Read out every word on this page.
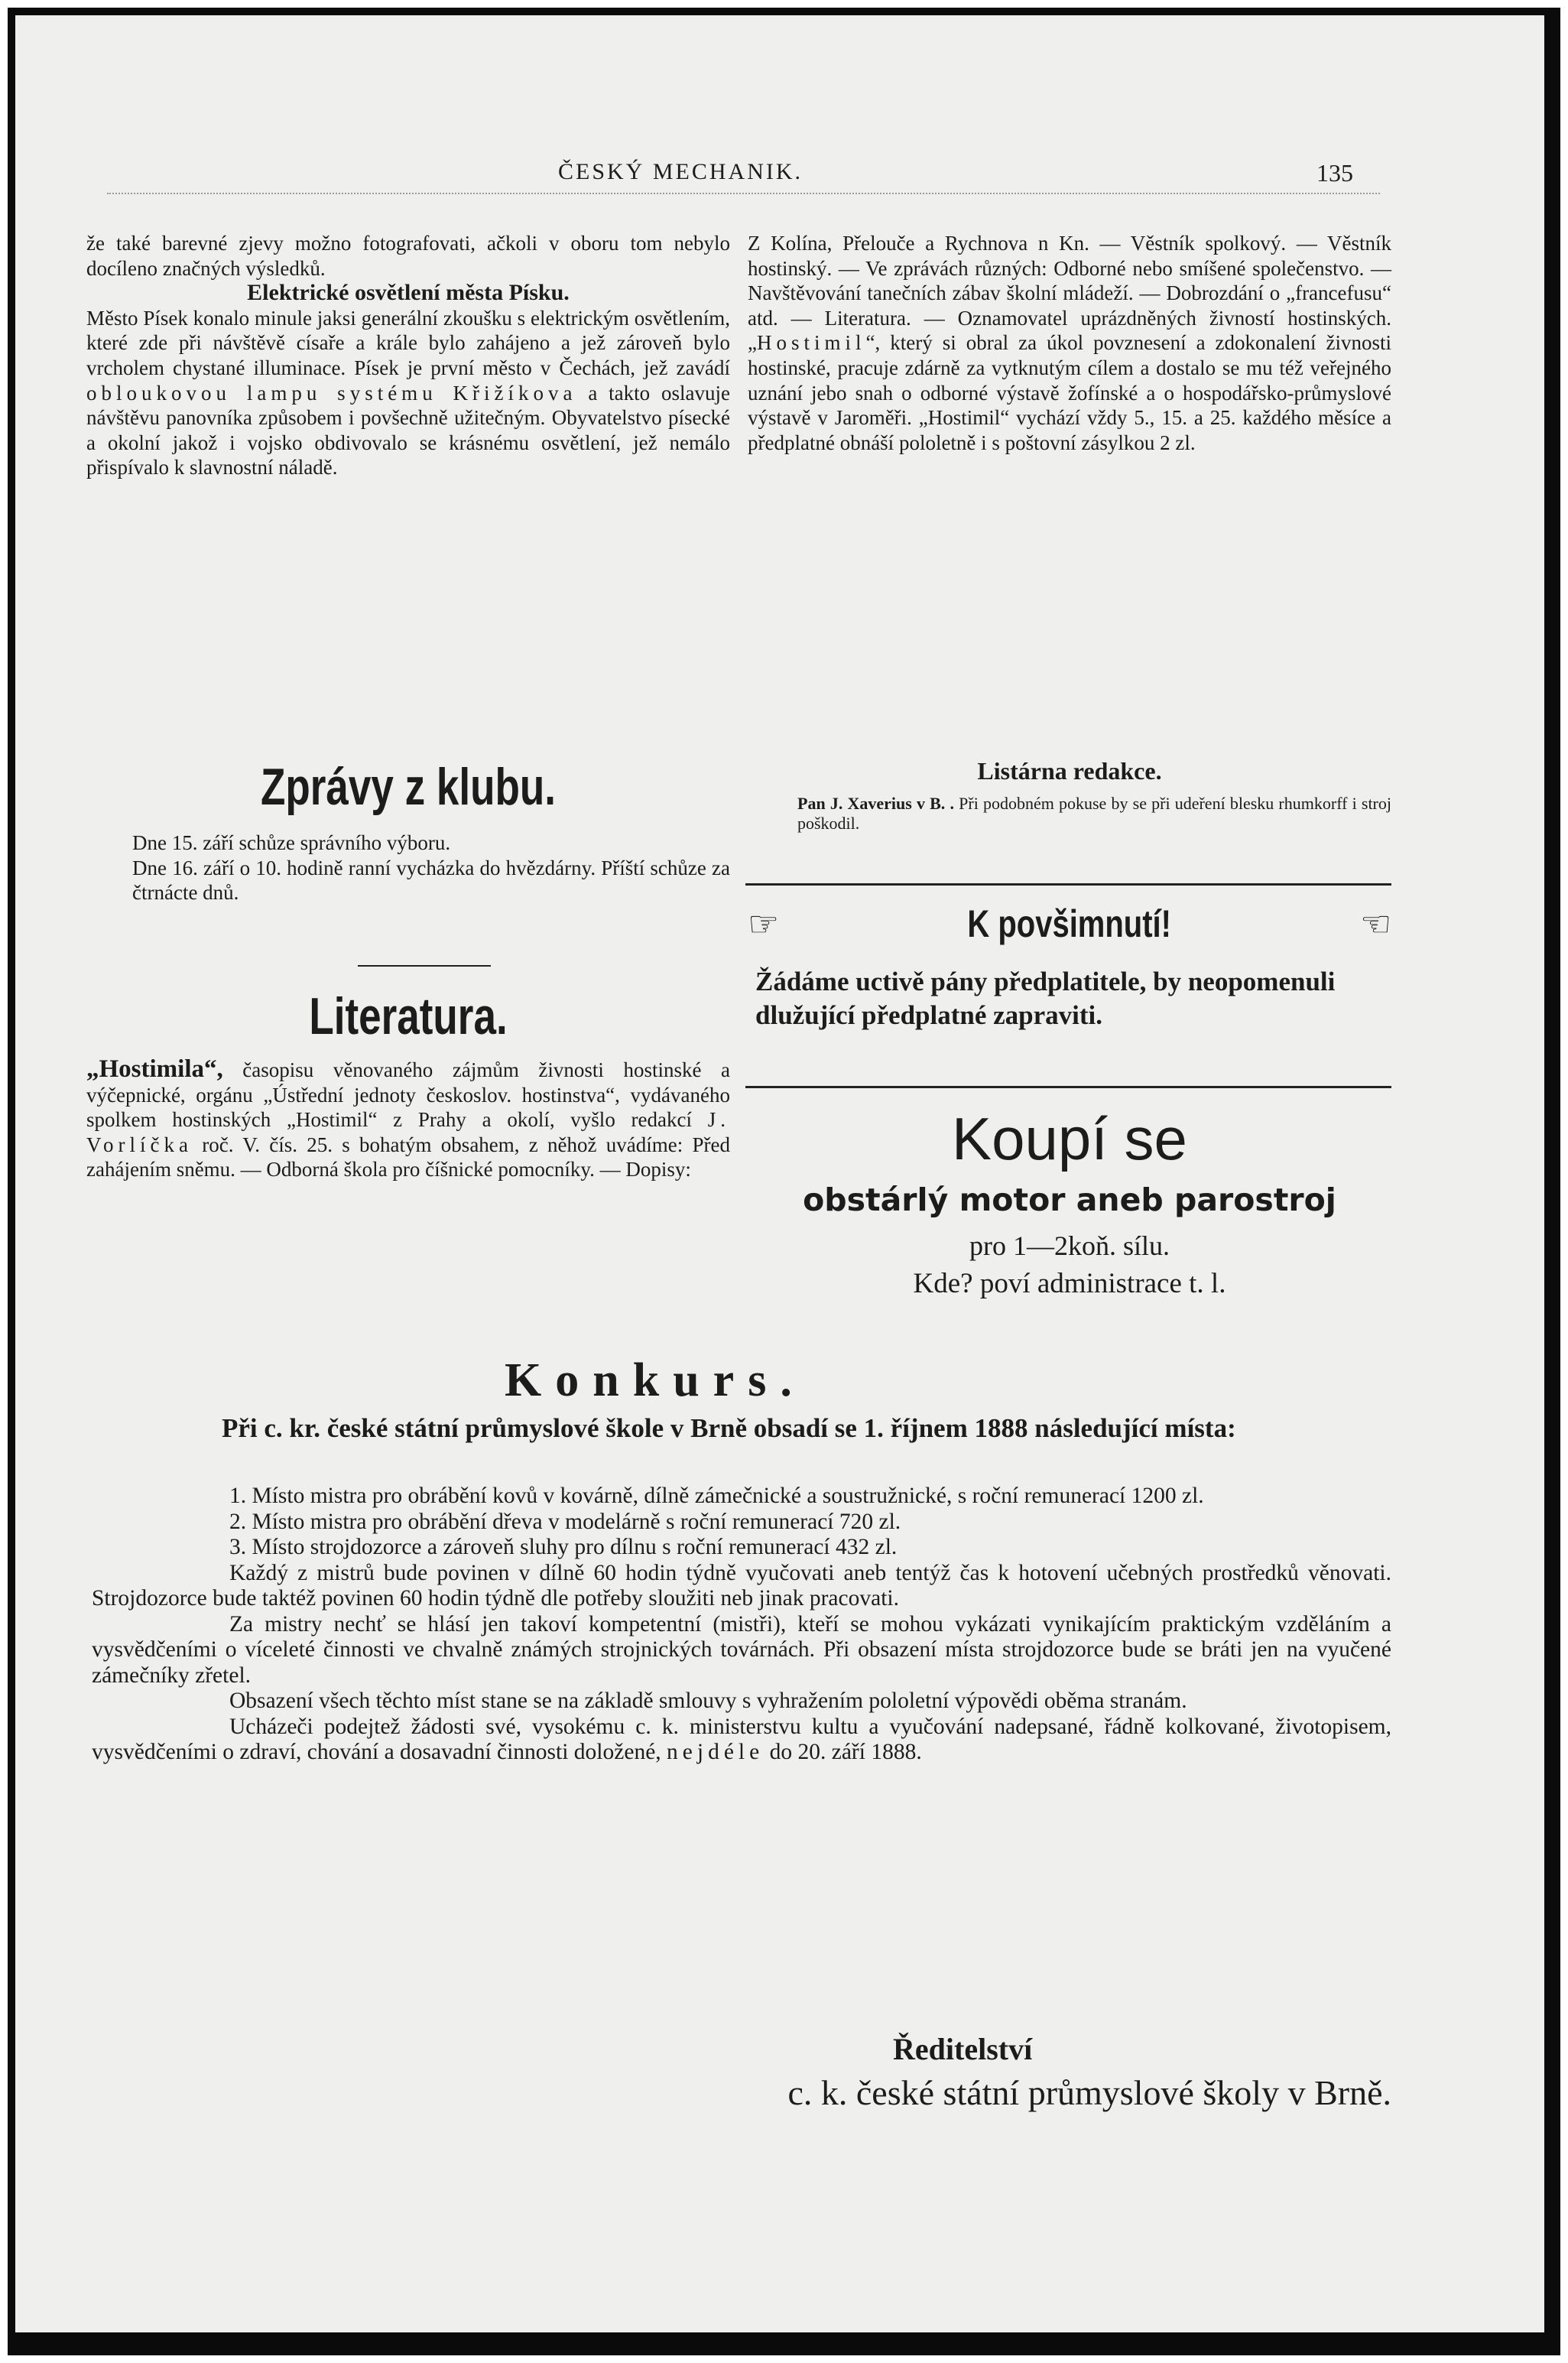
ČESKÝ MECHANIK.	135

že také barevné zjevy možno fotografovati, ačkoli v oboru tom nebylo docíleno značných výsledků.

Elektrické osvětlení města Písku.

Město Písek konalo minule jaksi generální zkoušku s elektrickým osvětlením, které zde při návštěvě císaře a krále bylo zahájeno a jež zároveň bylo vrcholem chystané illuminace. Písek je první město v Čechách, jež zavádí obloukovou lampu systému Křižíkova a takto oslavuje návštěvu panovníka způsobem i povšechně užitečným. Obyvatelstvo písecké a okolní jakož i vojsko obdivovalo se krásnému osvětlení, jež nemálo přispívalo k slavnostní náladě.

Zprávy z klubu.

Dne 15. září schůze správního výboru.

Dne 16. září o 10. hodině ranní vycházka do hvězdárny. Příští schůze za čtrnácte dnů.

Literatura.

„Hostimila“, časopisu věnovaného zájmům živnosti hostinské a výčepnické, orgánu „Ústřední jednoty českoslov. hostinstva“, vydávaného spolkem hostinských „Hostimil“ z Prahy a okolí, vyšlo redakcí J. Vorlíčka roč. V. čís. 25. s bohatým obsahem, z něhož uvádíme: Před zahájením sněmu. — Odborná škola pro číšnické pomocníky. — Dopisy:

Z Kolína, Přelouče a Rychnova n Kn. — Věstník spolkový. — Věstník hostinský. — Ve zprávách různých: Odborné nebo smíšené společenstvo. — Navštěvování tanečních zábav školní mládeží. — Dobrozdání o „francefusu“ atd. — Literatura. — Oznamovatel uprázdněných živností hostinských. „Hostimil“, který si obral za úkol povznesení a zdokonalení živnosti hostinské, pracuje zdárně za vytknutým cílem a dostalo se mu též veřejného uznání jebo snah o odborné výstavě žofínské a o hospodářsko-průmyslové výstavě v Jaroměři. „Hostimil“ vychází vždy 5., 15. a 25. každého měsíce a předplatné obnáší pololetně i s poštovní zásylkou 2 zl.

Listárna redakce.
Pan J. Xaverius v B. . Při podobném pokuse by se při udeření blesku rhumkorff i stroj poškodil.
☞	K povšimnutí!	☞
Žádáme uctivě pány předplatitele, by neopomenuli dlužující předplatné zapraviti.
Koupí se
obstárlý motor aneb parostroj
pro 1—2koň. sílu.
Kde? poví administrace t. l.
Konkurs.

Při c. kr. české státní průmyslové škole v Brně obsadí se 1. říjnem 1888 následující místa:

1. Místo mistra pro obrábění kovů v kovárně, dílně zámečnické a soustružnické, s roční remunerací 1200 zl.

2. Místo mistra pro obrábění dřeva v modelárně s roční remunerací 720 zl.

3. Místo strojdozorce a zároveň sluhy pro dílnu s roční remunerací 432 zl.

Každý z mistrů bude povinen v dílně 60 hodin týdně vyučovati aneb tentýž čas k hotovení učebných prostředků věnovati. Strojdozorce bude taktéž povinen 60 hodin týdně dle potřeby sloužiti neb jinak pracovati.

Za mistry nechť se hlásí jen takoví kompetentní (mistři), kteří se mohou vykázati vynikajícím praktickým vzděláním a vysvědčeními o víceleté činnosti ve chvalně známých strojnických továrnách. Při obsazení místa strojdozorce bude se bráti jen na vyučené zámečníky zřetel.

Obsazení všech těchto míst stane se na základě smlouvy s vyhražením pololetní výpovědi oběma stranám.

Ucházeči podejtež žádosti své, vysokému c. k. ministerstvu kultu a vyučování nadepsané, řádně kolkované, životopisem, vysvědčeními o zdraví, chování a dosavadní činnosti doložené, nejdéle do 20. září 1888.

Ředitelství
c. k. české státní průmyslové školy v Brně.
